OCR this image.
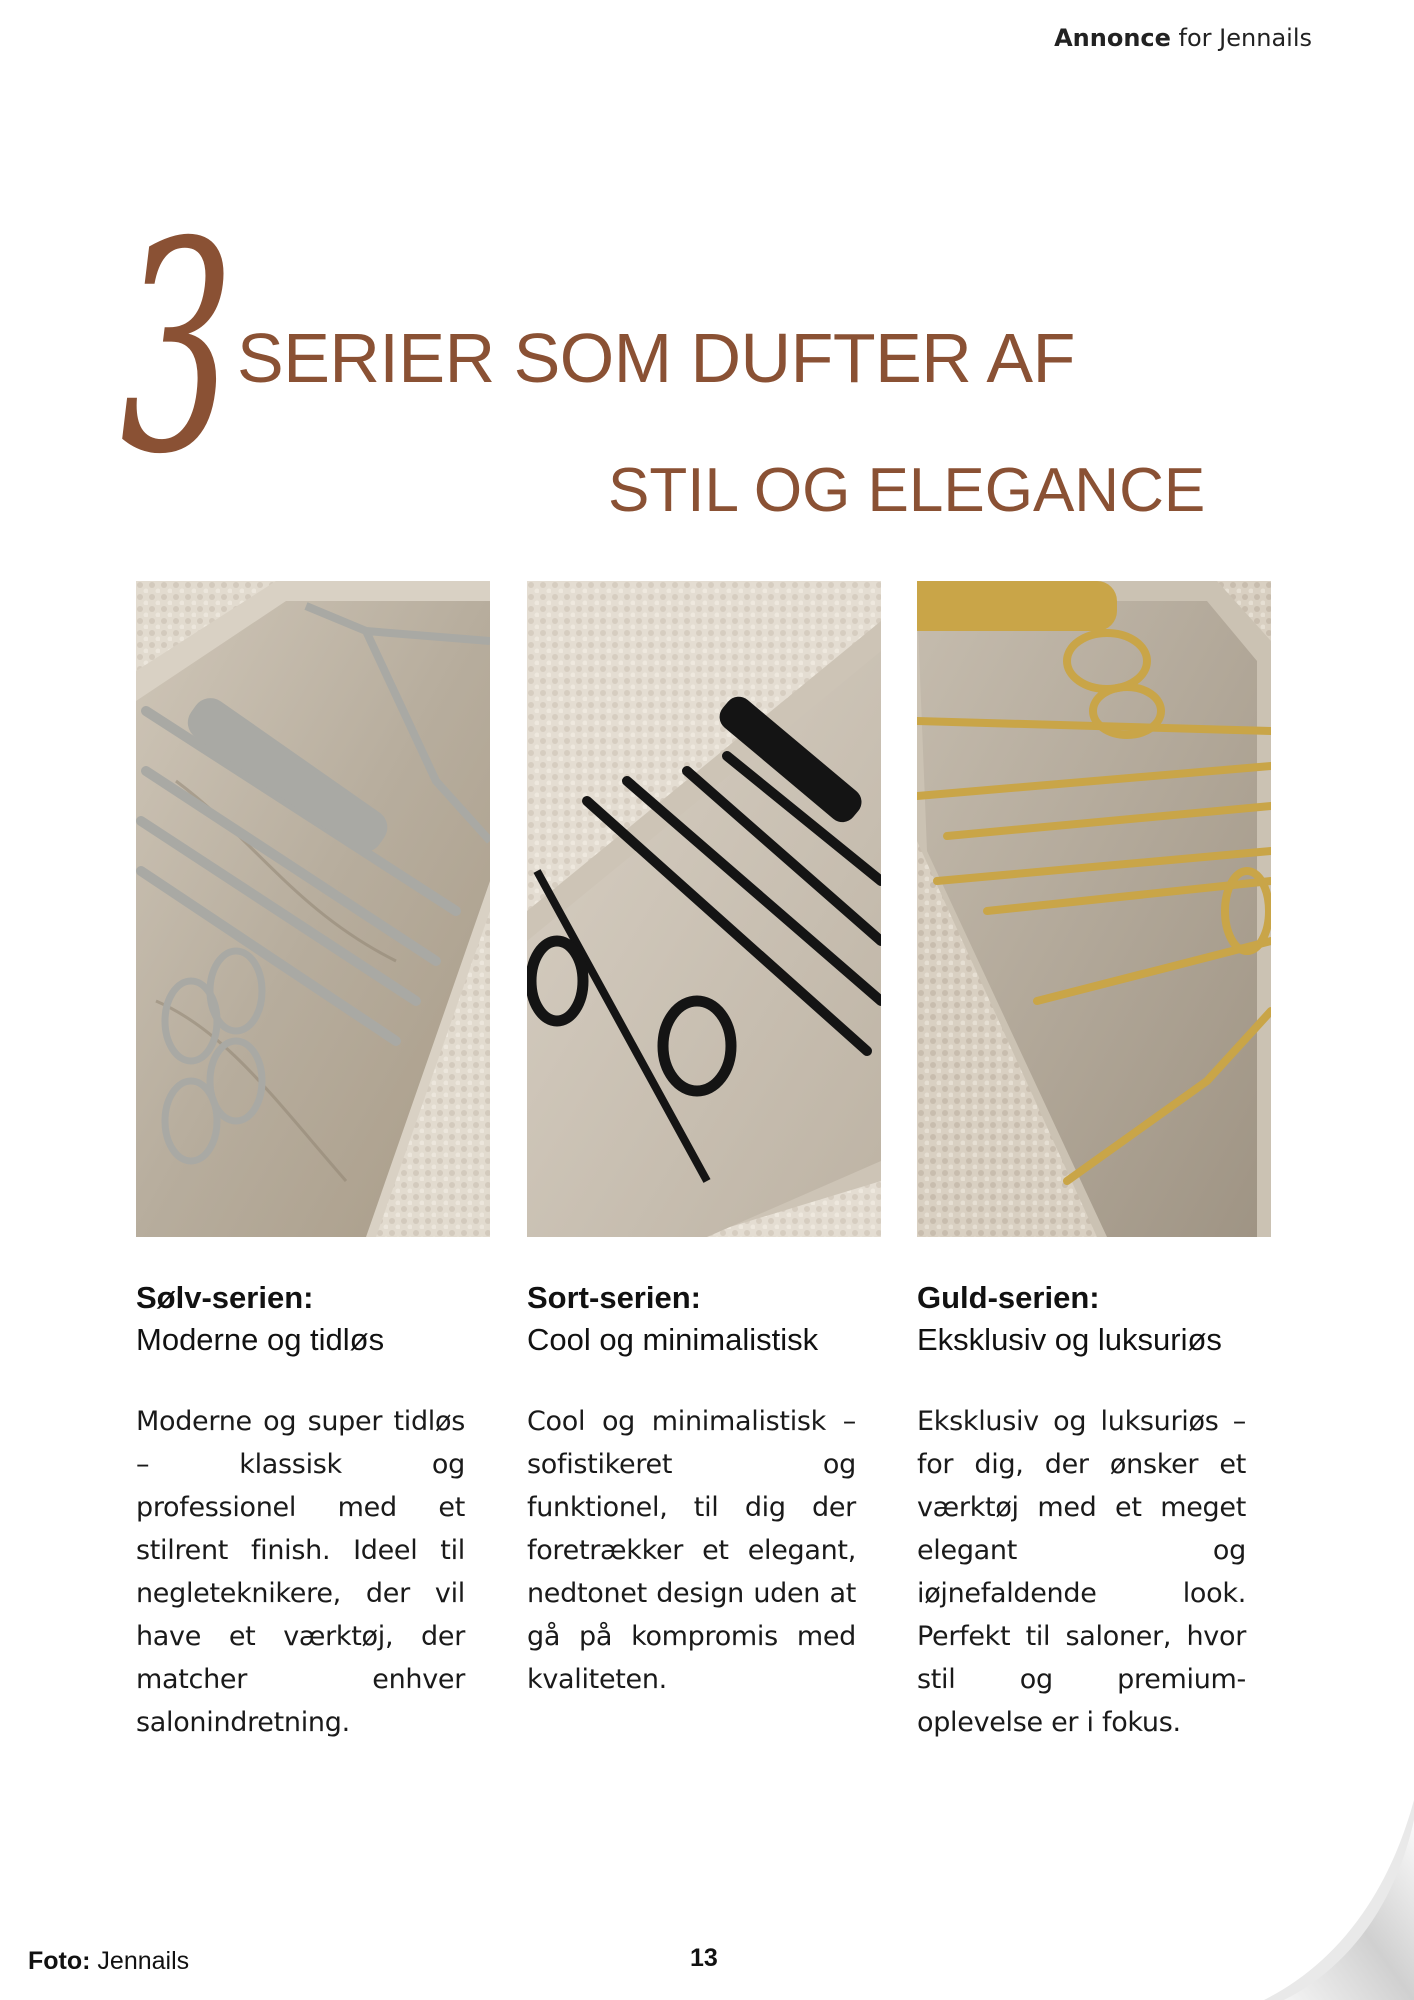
Annonce for Jennails
3 SERIER SOM DUFTER AF
STIL OG ELEGANCE
Sølv-serien:

Moderne og tidløs

Moderne og super tidløs – klassisk og professionel med et stilrent finish. Ideel til negleteknikere, der vil have et værktøj, der matcher enhver salonindretning.

Sort-serien:

Cool og minimalistisk

Cool og minimalistisk – sofistikeret og funktionel, til dig der foretrækker et elegant, nedtonet design uden at gå på kompromis med kvaliteten.

Guld-serien:

Eksklusiv og luksuriøs

Eksklusiv og luksuriøs – for dig, der ønsker et værktøj med et meget elegant og iøjnefaldende look. Perfekt til saloner, hvor stil og premium-oplevelse er i fokus.

Foto: Jennails	13
